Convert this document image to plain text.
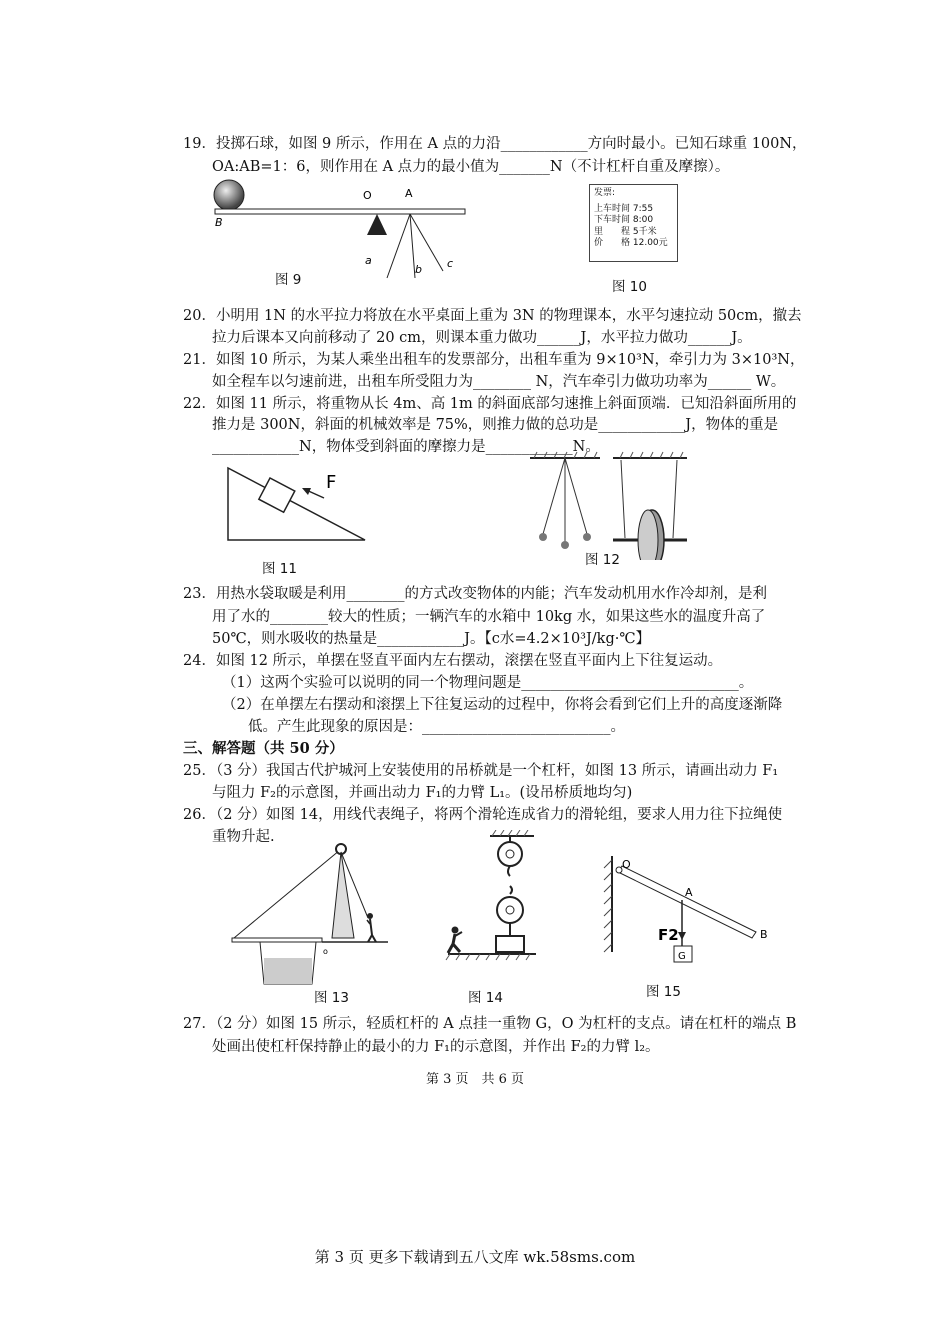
19．投掷石球，如图 9 所示，作用在 A 点的力沿____________方向时最小。已知石球重 100N，
OA:AB=1：6，则作用在 A 点力的最小值为_______N（不计杠杆自重及摩擦）。
B
O	A
a
b c
图 9
发票:
上车时间 7:55
下车时间 8:00
里　　程 5千米
价　　格 12.00元
图 10
20．小明用 1N 的水平拉力将放在水平桌面上重为 3N 的物理课本，水平匀速拉动 50cm，撤去
拉力后课本又向前移动了 20 cm，则课本重力做功______J，水平拉力做功______J。
21．如图 10 所示，为某人乘坐出租车的发票部分，出租车重为 9×10³N，牵引力为 3×10³N，
如全程车以匀速前进，出租车所受阻力为________ N，汽车牵引力做功功率为______ W。
22．如图 11 所示，将重物从长 4m、高 1m 的斜面底部匀速推上斜面顶端．已知沿斜面所用的
推力是 300N，斜面的机械效率是 75%，则推力做的总功是____________J，物体的重是
____________N，物体受到斜面的摩擦力是____________N。
F
图 11
图 12
23．用热水袋取暖是利用________的方式改变物体的内能；汽车发动机用水作冷却剂，是利
用了水的________较大的性质；一辆汽车的水箱中 10kg 水，如果这些水的温度升高了
50℃，则水吸收的热量是____________J。【c水=4.2×10³J/kg·℃】
24．如图 12 所示，单摆在竖直平面内左右摆动，滚摆在竖直平面内上下往复运动。
（1）这两个实验可以说明的同一个物理问题是______________________________。
（2）在单摆左右摆动和滚摆上下往复运动的过程中，你将会看到它们上升的高度逐渐降
低。产生此现象的原因是：__________________________。
三、解答题（共 50 分）
25．（3 分）我国古代护城河上安装使用的吊桥就是一个杠杆，如图 13 所示，请画出动力 F₁
与阻力 F₂的示意图，并画出动力 F₁的力臂 L₁。(设吊桥质地均匀)
26．（2 分）如图 14，用线代表绳子，将两个滑轮连成省力的滑轮组，要求人用力往下拉绳使
重物升起.
o
图 13	图 14
O
A
B
F2
G
图 15
27．（2 分）如图 15 所示，轻质杠杆的 A 点挂一重物 G，O 为杠杆的支点。请在杠杆的端点 B
处画出使杠杆保持静止的最小的力 F₁的示意图，并作出 F₂的力臂 l₂。
第 3 页　共 6 页
第 3 页 更多下载请到五八文库 wk.58sms.com
